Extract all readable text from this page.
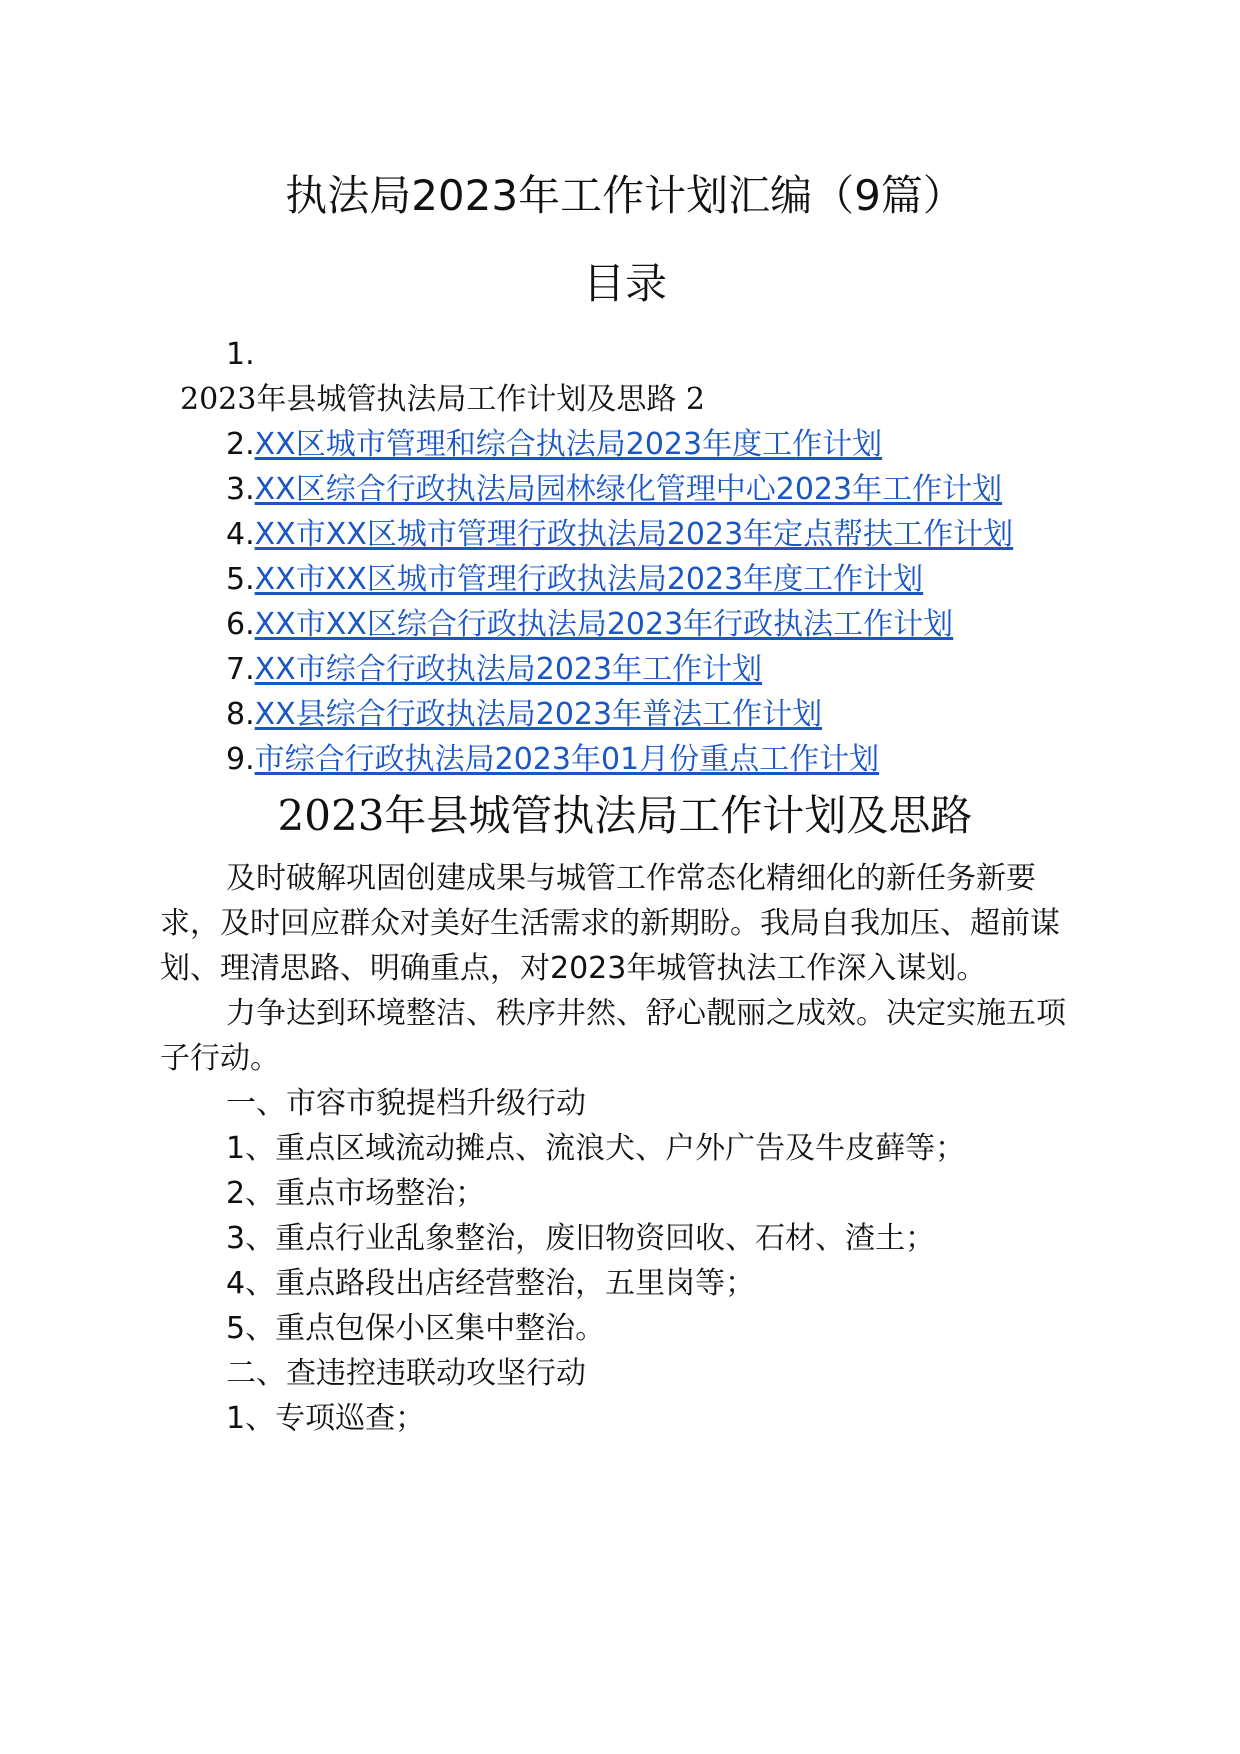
执法局2023年工作计划汇编（9篇）
目录

1.

2023年县城管执法局工作计划及思路 2

2.XX区城市管理和综合执法局2023年度工作计划

3.XX区综合行政执法局园林绿化管理中心2023年工作计划

4.XX市XX区城市管理行政执法局2023年定点帮扶工作计划

5.XX市XX区城市管理行政执法局2023年度工作计划

6.XX市XX区综合行政执法局2023年行政执法工作计划

7.XX市综合行政执法局2023年工作计划

8.XX县综合行政执法局2023年普法工作计划

9.市综合行政执法局2023年01月份重点工作计划

2023年县城管执法局工作计划及思路

及时破解巩固创建成果与城管工作常态化精细化的新任务新要求，及时回应群众对美好生活需求的新期盼。我局自我加压、超前谋划、理清思路、明确重点，对2023年城管执法工作深入谋划。

力争达到环境整洁、秩序井然、舒心靓丽之成效。决定实施五项子行动。

一、市容市貌提档升级行动

1、重点区域流动摊点、流浪犬、户外广告及牛皮藓等；

2、重点市场整治；

3、重点行业乱象整治，废旧物资回收、石材、渣土；

4、重点路段出店经营整治，五里岗等；

5、重点包保小区集中整治。

二、查违控违联动攻坚行动

1、专项巡查；
